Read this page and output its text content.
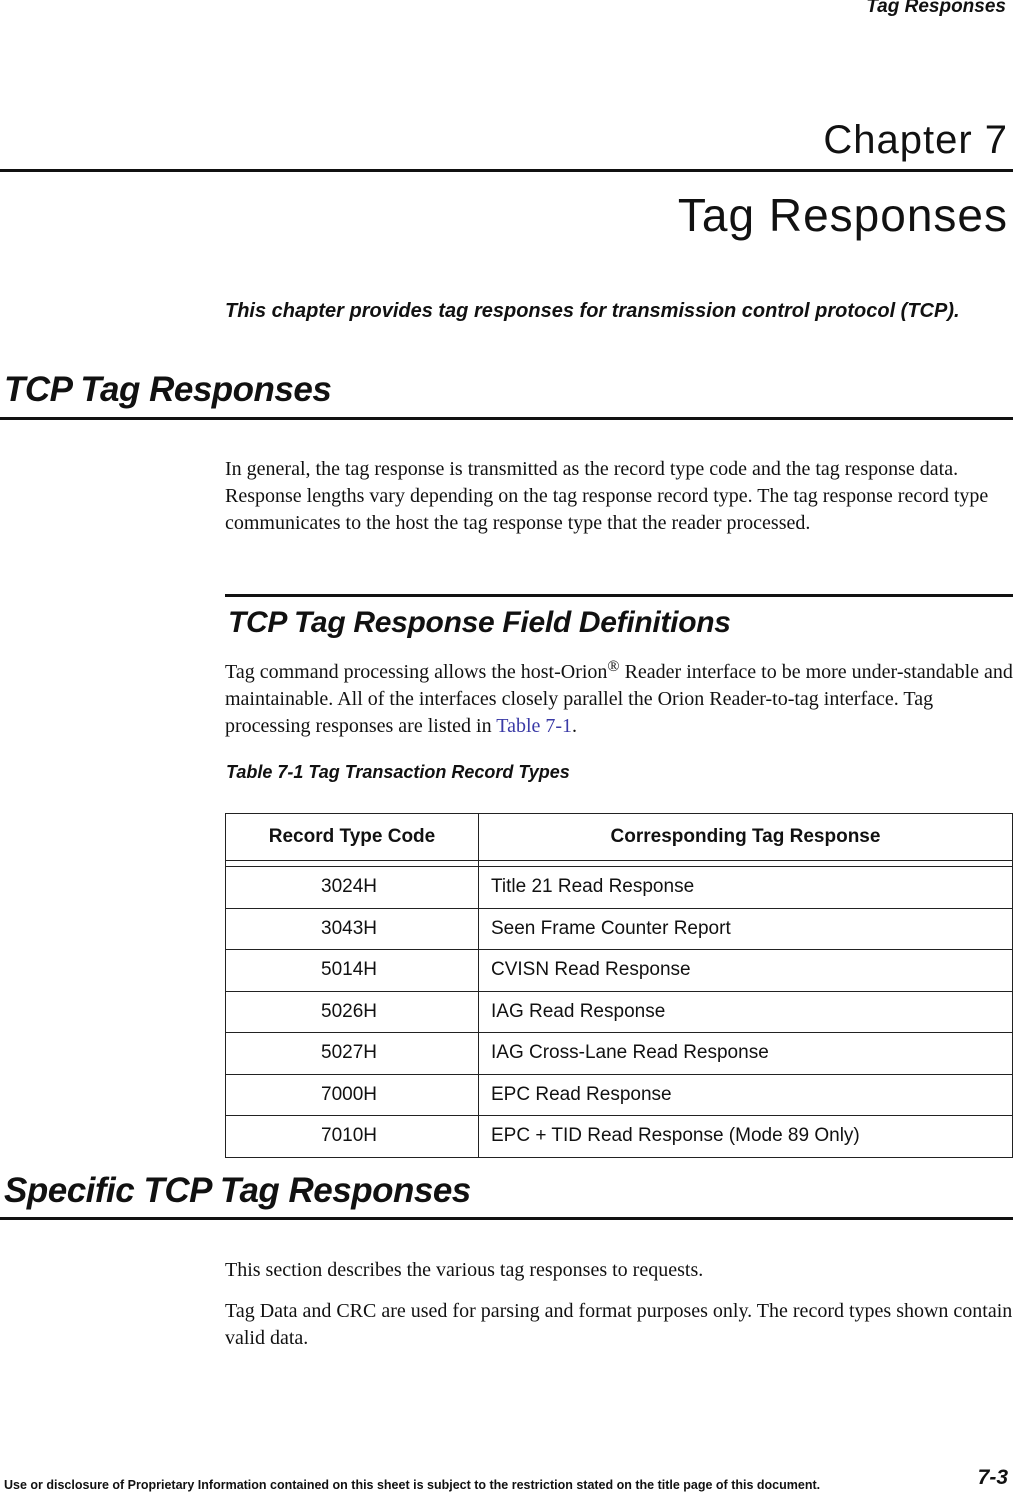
Tag Responses
Chapter 7
Tag Responses
This chapter provides tag responses for transmission control protocol (TCP).
TCP Tag Responses
In general, the tag response is transmitted as the record type code and the tag response data. Response lengths vary depending on the tag response record type. The tag response record type communicates to the host the tag response type that the reader processed.
TCP Tag Response Field Definitions
Tag command processing allows the host-Orion® Reader interface to be more under-standable and maintainable. All of the interfaces closely parallel the Orion Reader-to-tag interface. Tag processing responses are listed in Table 7-1.
Table 7-1 Tag Transaction Record Types
Record Type Code	Corresponding Tag Response

3024H	Title 21 Read Response
3043H	Seen Frame Counter Report
5014H	CVISN Read Response
5026H	IAG Read Response
5027H	IAG Cross-Lane Read Response
7000H	EPC Read Response
7010H	EPC + TID Read Response (Mode 89 Only)
Specific TCP Tag Responses
This section describes the various tag responses to requests.
Tag Data and CRC are used for parsing and format purposes only. The record types shown contain valid data.
Use or disclosure of Proprietary Information contained on this sheet is subject to the restriction stated on the title page of this document.	7-3
